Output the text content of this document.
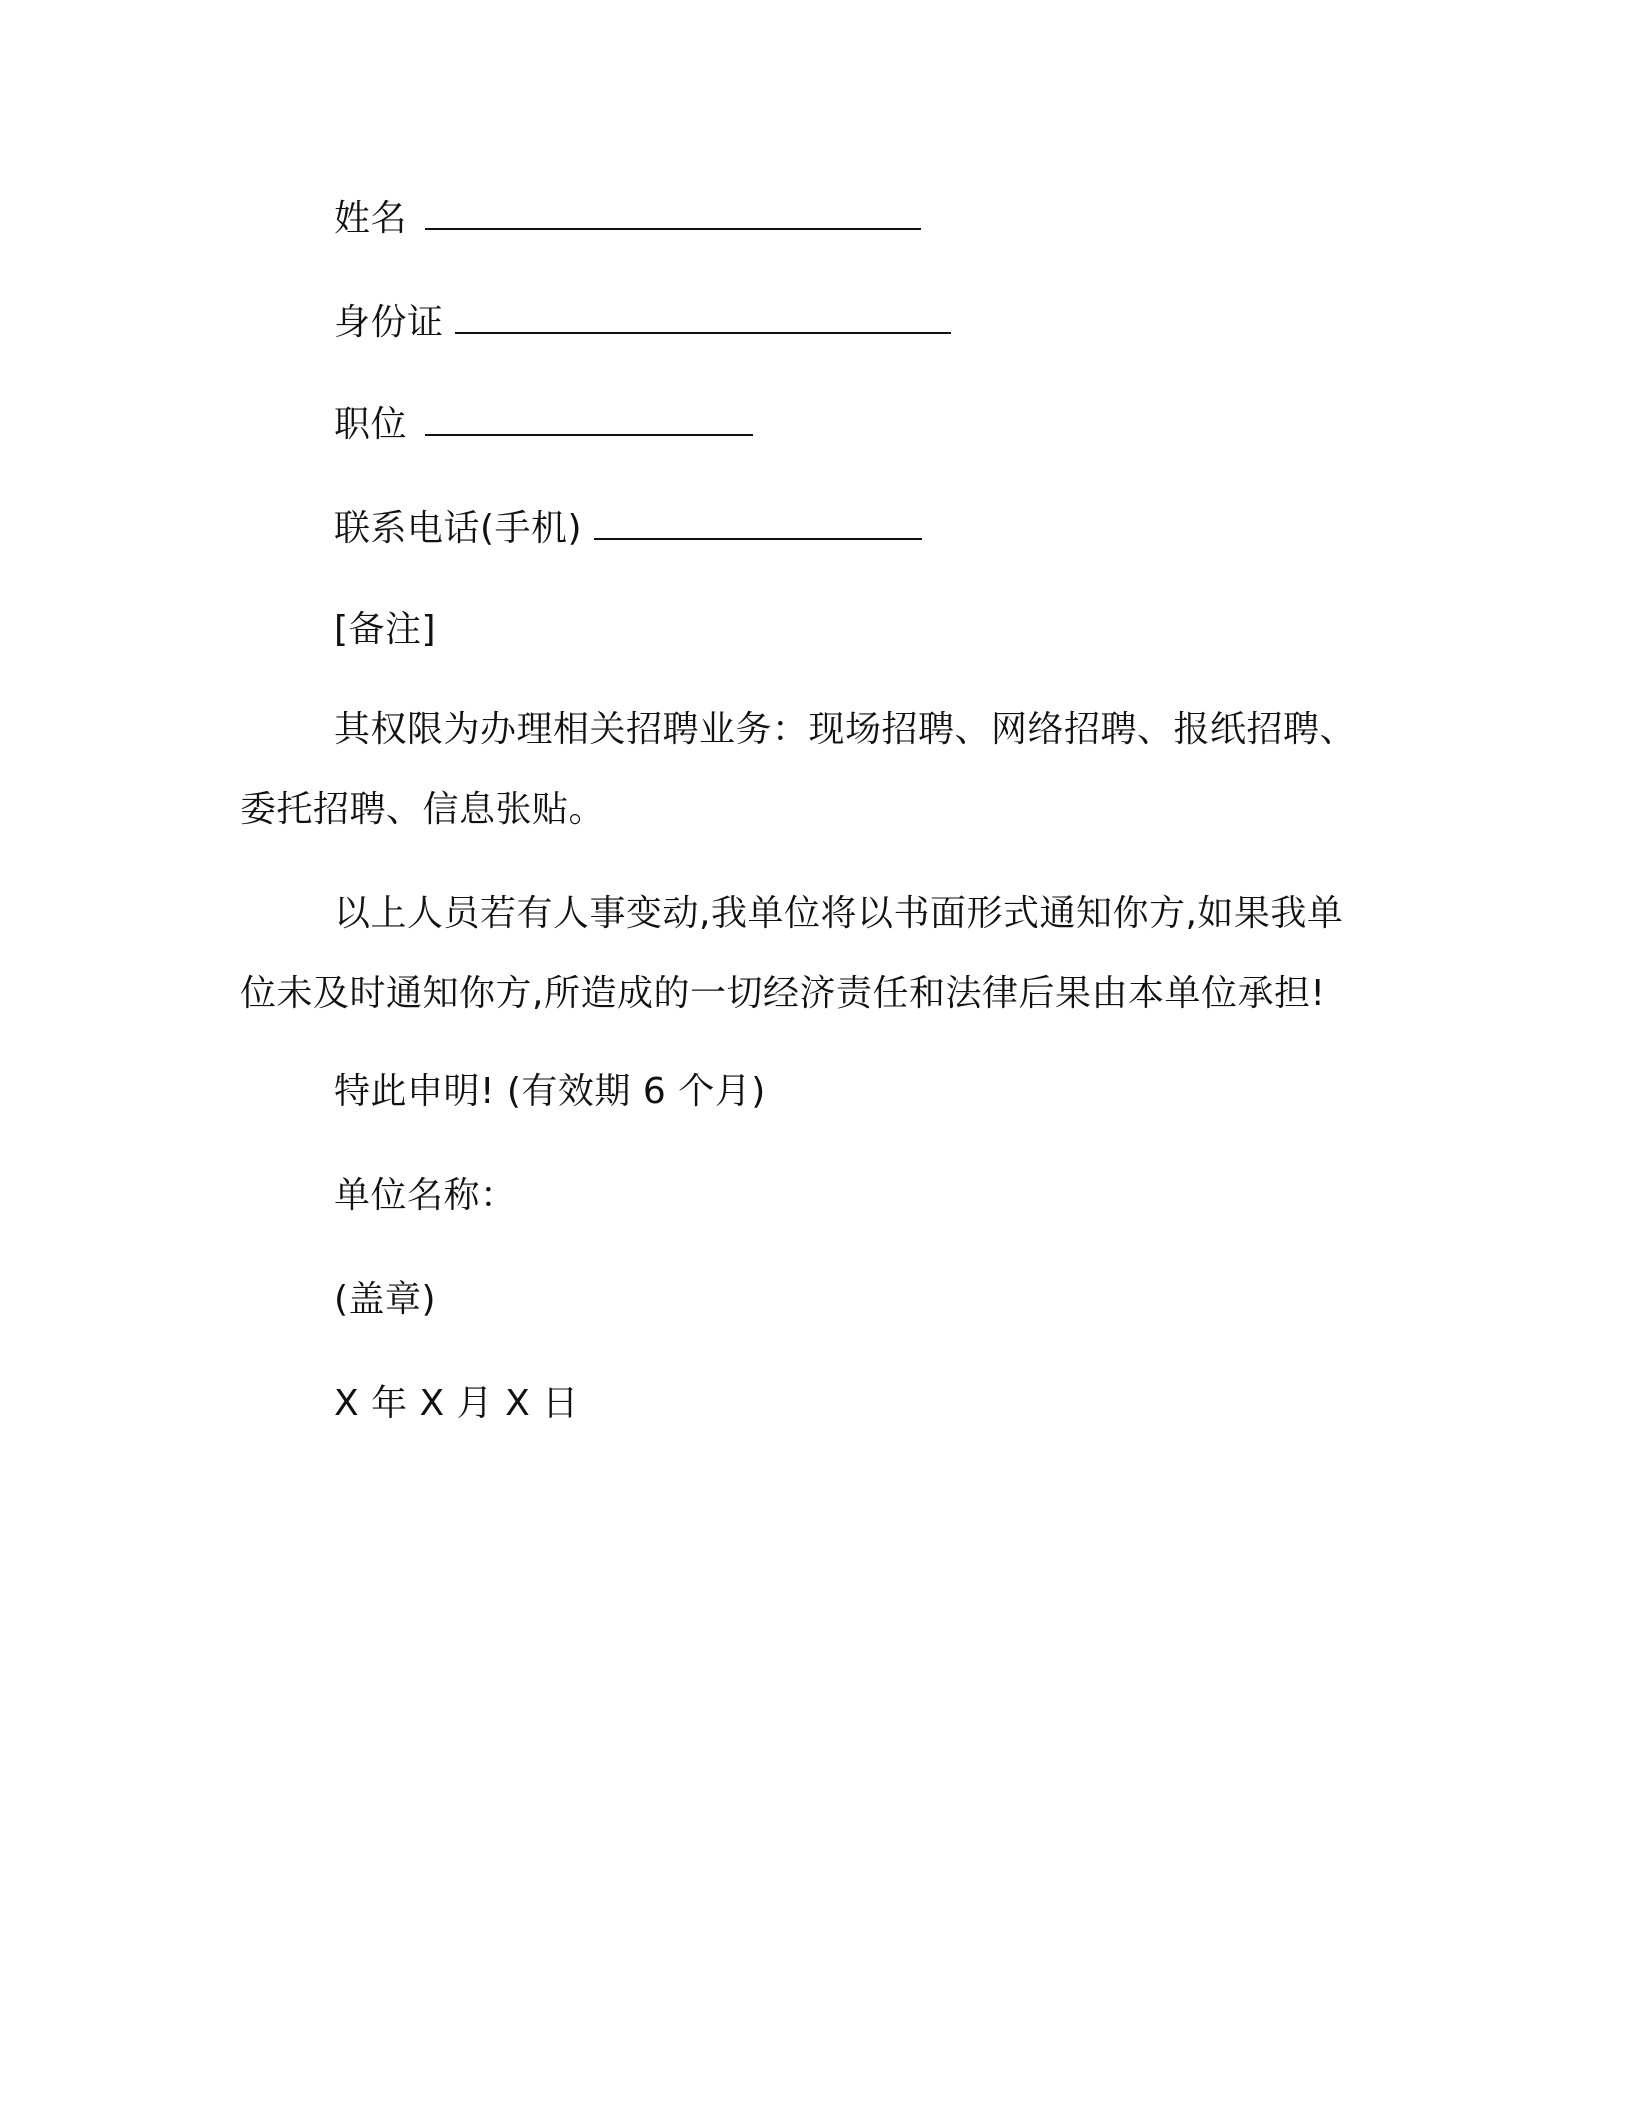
姓名
身份证
职位
联系电话(手机)
[备注]

其权限为办理相关招聘业务：现场招聘、网络招聘、报纸招聘、委托招聘、信息张贴。

以上人员若有人事变动,我单位将以书面形式通知你方,如果我单位未及时通知你方,所造成的一切经济责任和法律后果由本单位承担!

特此申明! (有效期 6 个月)
单位名称：
(盖章)
X 年 X 月 X 日
